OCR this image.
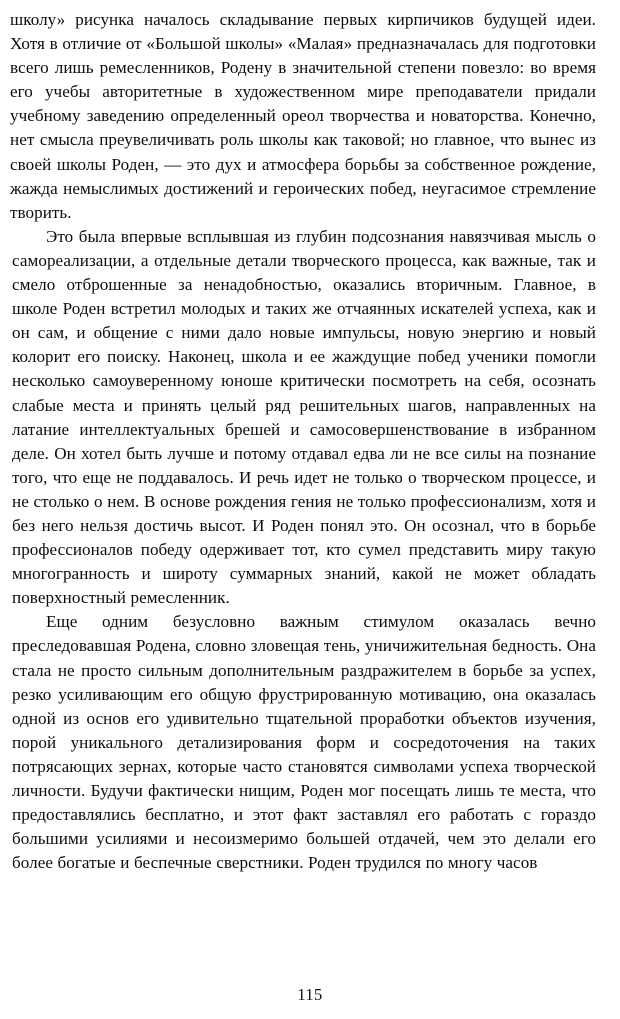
школу» рисунка началось складывание первых кирпичиков будущей идеи. Хотя в отличие от «Большой школы» «Малая» предназначалась для подготовки всего лишь ремесленников, Родену в значительной степени повезло: во время его учебы авторитетные в художественном мире преподаватели придали учебному заведению определенный ореол творчества и новаторства. Конечно, нет смысла преувеличивать роль школы как таковой; но главное, что вынес из своей школы Роден, — это дух и атмосфера борьбы за собственное рождение, жажда немыслимых достижений и героических побед, неугасимое стремление творить.

Это была впервые всплывшая из глубин подсознания навязчивая мысль о самореализации, а отдельные детали творческого процесса, как важные, так и смело отброшенные за ненадобностью, оказались вторичным. Главное, в школе Роден встретил молодых и таких же отчаянных искателей успеха, как и он сам, и общение с ними дало новые импульсы, новую энергию и новый колорит его поиску. Наконец, школа и ее жаждущие побед ученики помогли несколько самоуверенному юноше критически посмотреть на себя, осознать слабые места и принять целый ряд решительных шагов, направленных на латание интеллектуальных брешей и самосовершенствование в избранном деле. Он хотел быть лучше и потому отдавал едва ли не все силы на познание того, что еще не поддавалось. И речь идет не только о творческом процессе, и не столько о нем. В основе рождения гения не только профессионализм, хотя и без него нельзя достичь высот. И Роден понял это. Он осознал, что в борьбе профессионалов победу одерживает тот, кто сумел представить миру такую многогранность и широту суммарных знаний, какой не может обладать поверхностный ремесленник.

Еще одним безусловно важным стимулом оказалась вечно преследовавшая Родена, словно зловещая тень, уничижительная бедность. Она стала не просто сильным дополнительным раздражителем в борьбе за успех, резко усиливающим его общую фрустрированную мотивацию, она оказалась одной из основ его удивительно тщательной проработки объектов изучения, порой уникального детализирования форм и сосредоточения на таких потрясающих зернах, которые часто становятся символами успеха творческой личности. Будучи фактически нищим, Роден мог посещать лишь те места, что предоставлялись бесплатно, и этот факт заставлял его работать с гораздо большими усилиями и несоизмеримо большей отдачей, чем это делали его более богатые и беспечные сверстники. Роден трудился по многу часов

115
